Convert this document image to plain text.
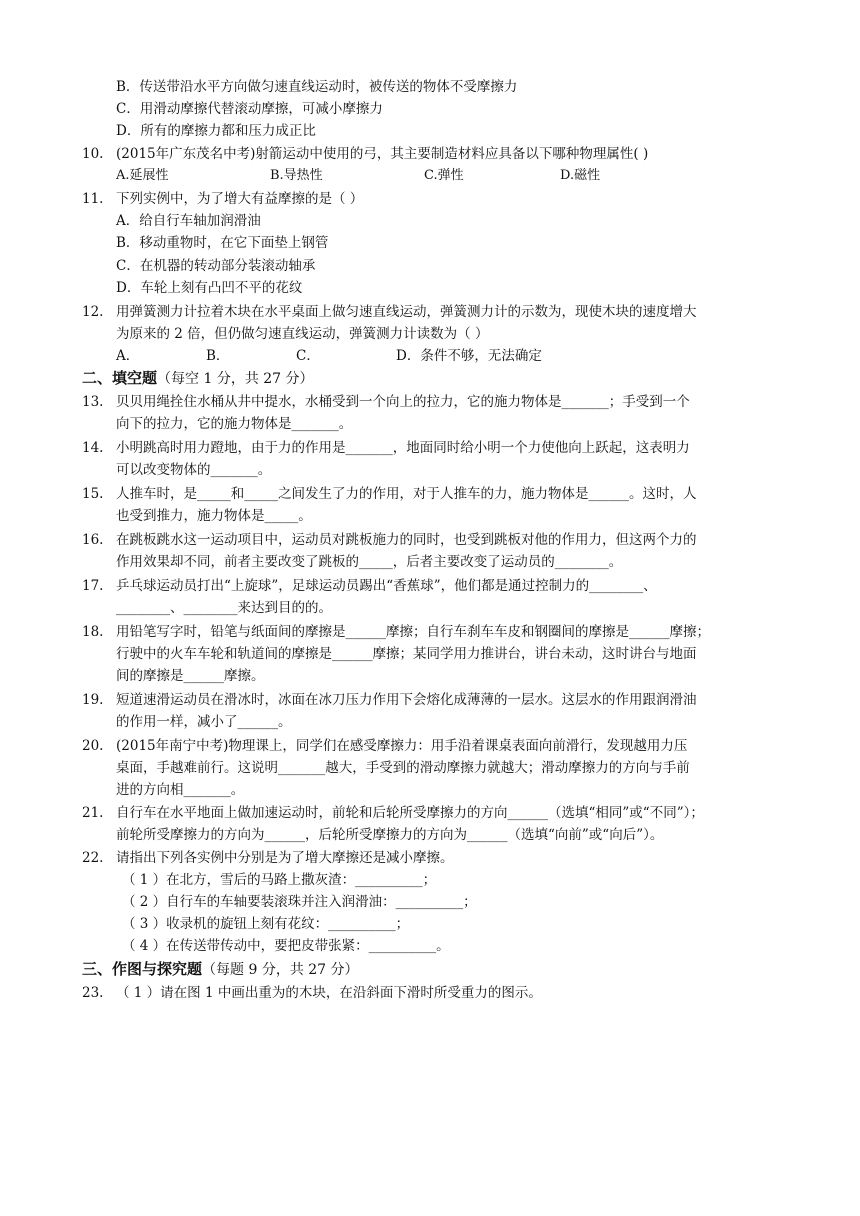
B．传送带沿水平方向做匀速直线运动时，被传送的物体不受摩擦力
C．用滑动摩擦代替滚动摩擦，可减小摩擦力
D．所有的摩擦力都和压力成正比
10. (2015年广东茂名中考)射箭运动中使用的弓，其主要制造材料应具备以下哪种物理属性( )
A.延展性	B.导热性	C.弹性	D.磁性
11. 下列实例中，为了增大有益摩擦的是（ ）
A．给自行车轴加润滑油
B．移动重物时，在它下面垫上钢管
C．在机器的转动部分装滚动轴承
D．车轮上刻有凸凹不平的花纹
12. 用弹簧测力计拉着木块在水平桌面上做匀速直线运动，弹簧测力计的示数为，现使木块的速度增大
为原来的 2 倍，但仍做匀速直线运动，弹簧测力计读数为（ ）
A．	B．	C．	D．条件不够，无法确定
二、填空题（每空 1 分，共 27 分）
13. 贝贝用绳拴住水桶从井中提水，水桶受到一个向上的拉力，它的施力物体是_______；手受到一个
向下的拉力，它的施力物体是_______。
14. 小明跳高时用力蹬地，由于力的作用是_______，地面同时给小明一个力使他向上跃起，这表明力
可以改变物体的_______。
15. 人推车时，是_____和_____之间发生了力的作用，对于人推车的力，施力物体是______。这时，人
也受到推力，施力物体是_____。
16. 在跳板跳水这一运动项目中，运动员对跳板施力的同时，也受到跳板对他的作用力，但这两个力的
作用效果却不同，前者主要改变了跳板的_____，后者主要改变了运动员的________。
17. 乒乓球运动员打出“上旋球”，足球运动员踢出“香蕉球”，他们都是通过控制力的________、
________、________来达到目的的。
18. 用铅笔写字时，铅笔与纸面间的摩擦是______摩擦；自行车刹车车皮和钢圈间的摩擦是______摩擦；
行驶中的火车车轮和轨道间的摩擦是______摩擦；某同学用力推讲台，讲台未动，这时讲台与地面
间的摩擦是______摩擦。
19. 短道速滑运动员在滑冰时，冰面在冰刀压力作用下会熔化成薄薄的一层水。这层水的作用跟润滑油
的作用一样，减小了______。
20. (2015年南宁中考)物理课上，同学们在感受摩擦力：用手沿着课桌表面向前滑行，发现越用力压
桌面，手越难前行。这说明_______越大，手受到的滑动摩擦力就越大；滑动摩擦力的方向与手前
进的方向相_______。
21. 自行车在水平地面上做加速运动时，前轮和后轮所受摩擦力的方向______（选填“相同”或“不同”）；
前轮所受摩擦力的方向为______，后轮所受摩擦力的方向为______（选填“向前”或“向后”）。
22. 请指出下列各实例中分别是为了增大摩擦还是减小摩擦。
（ 1 ）在北方，雪后的马路上撒灰渣：__________；
（ 2 ）自行车的车轴要装滚珠并注入润滑油：__________；
（ 3 ）收录机的旋钮上刻有花纹：__________；
（ 4 ）在传送带传动中，要把皮带张紧：__________。
三、作图与探究题（每题 9 分，共 27 分）
23. （ 1 ）请在图 1 中画出重为的木块，在沿斜面下滑时所受重力的图示。
